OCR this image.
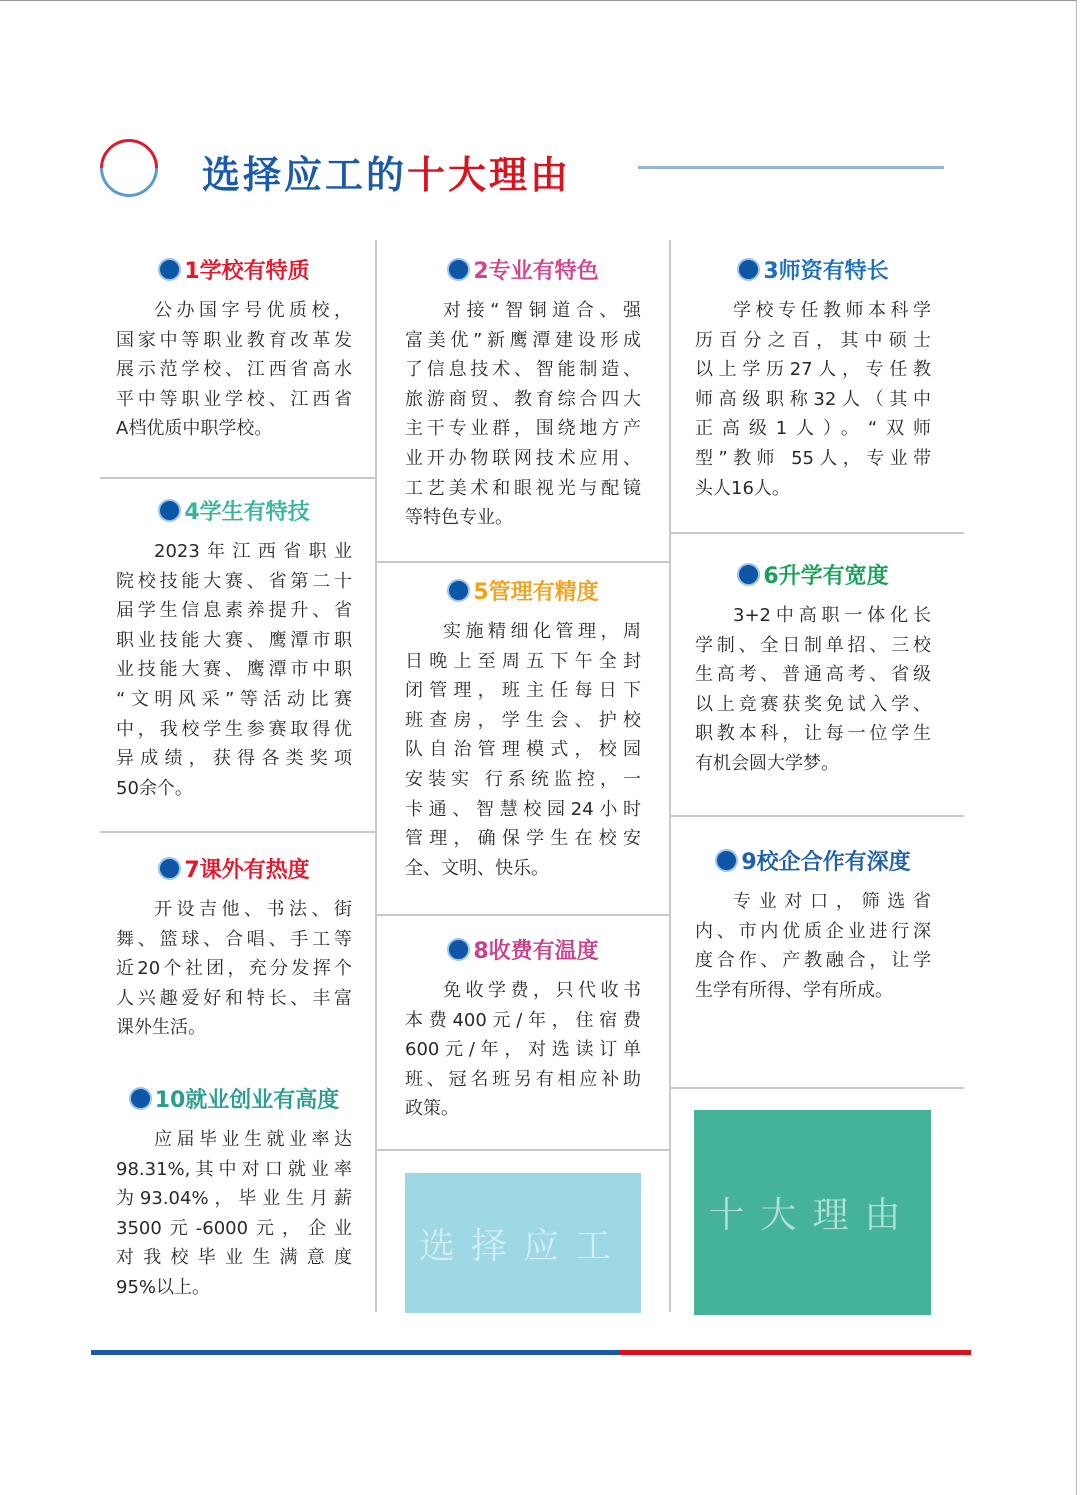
选择应工的十大理由
1学校有特质
公办国字号优质校，
国家中等职业教育改革发
展示范学校、江西省高水
平中等职业学校、江西省
A档优质中职学校。
2专业有特色
对接“智铜道合、强
富美优”新鹰潭建设形成
了信息技术、智能制造、
旅游商贸、教育综合四大
主干专业群，围绕地方产
业开办物联网技术应用、
工艺美术和眼视光与配镜
等特色专业。
3师资有特长
学校专任教师本科学
历百分之百，其中硕士
以上学历27人，专任教
师高级职称32人（其中
正高级1人）。“双师
型”教师 55人，专业带
头人16人。
4学生有特技
2023年江西省职业
院校技能大赛、省第二十
届学生信息素养提升、省
职业技能大赛、鹰潭市职
业技能大赛、鹰潭市中职
“文明风采”等活动比赛
中，我校学生参赛取得优
异成绩，获得各类奖项
50余个。
5管理有精度
实施精细化管理，周
日晚上至周五下午全封
闭管理，班主任每日下
班查房，学生会、护校
队自治管理模式，校园
安装实 行系统监控，一
卡通、智慧校园24小时
管理，确保学生在校安
全、文明、快乐。
6升学有宽度
3+2中高职一体化长
学制、全日制单招、三校
生高考、普通高考、省级
以上竞赛获奖免试入学、
职教本科，让每一位学生
有机会圆大学梦。
7课外有热度
开设吉他、书法、街
舞、篮球、合唱、手工等
近20个社团，充分发挥个
人兴趣爱好和特长、丰富
课外生活。
8收费有温度
免收学费，只代收书
本费400元/年，住宿费
600元/年，对选读订单
班、冠名班另有相应补助
政策。
9校企合作有深度
专业对口，筛选省
内、市内优质企业进行深
度合作、产教融合，让学
生学有所得、学有所成。
10就业创业有高度
应届毕业生就业率达
98.31%,其中对口就业率
为93.04%，毕业生月薪
3500元-6000元，企业
对我校毕业生满意度
95%以上。
选择应工
十大理由
